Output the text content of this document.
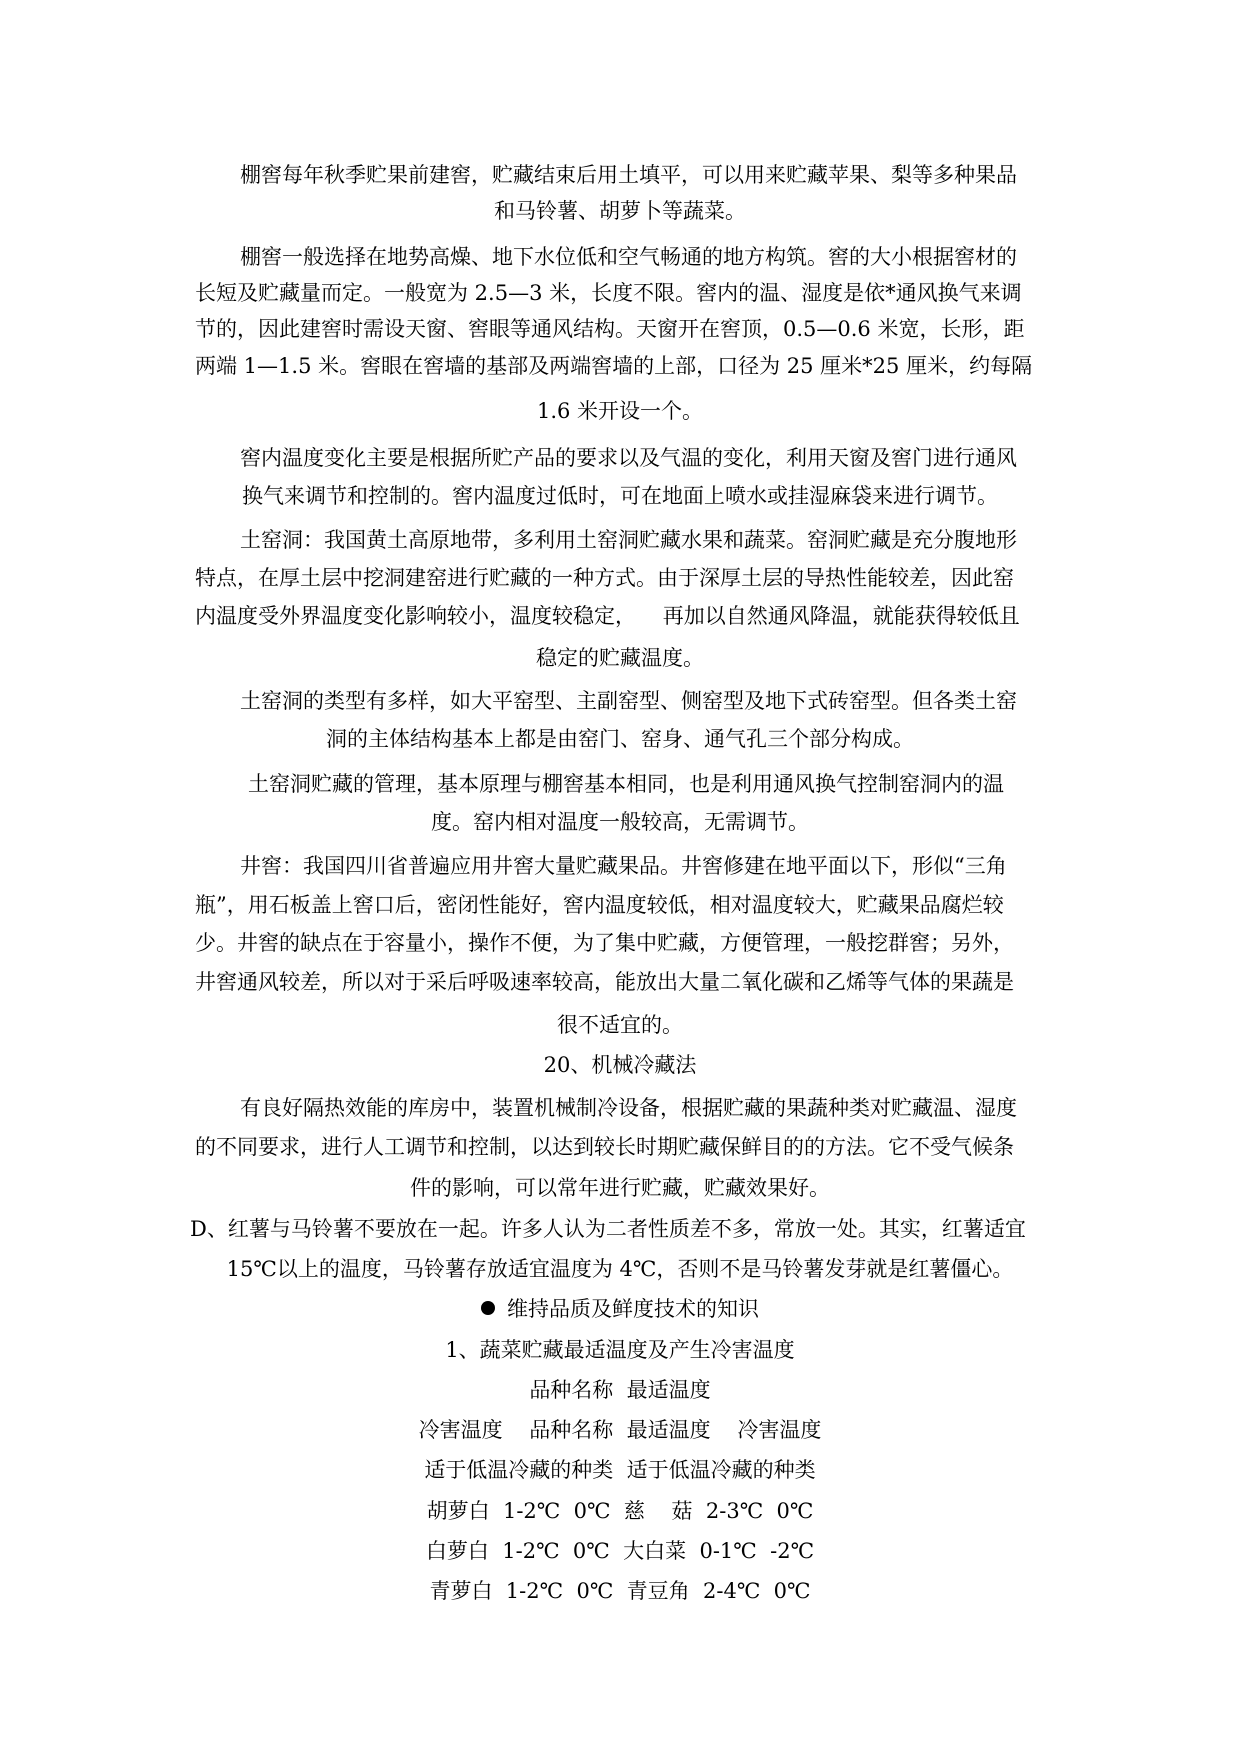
棚窖每年秋季贮果前建窖，贮藏结束后用土填平，可以用来贮藏苹果、梨等多种果品
和马铃薯、胡萝卜等蔬菜。
棚窖一般选择在地势高燥、地下水位低和空气畅通的地方构筑。窖的大小根据窖材的
长短及贮藏量而定。一般宽为 2.5—3 米，长度不限。窖内的温、湿度是依*通风换气来调
节的，因此建窖时需设天窗、窖眼等通风结构。天窗开在窖顶，0.5—0.6 米宽，长形，距
两端 1—1.5 米。窖眼在窖墙的基部及两端窖墙的上部，口径为 25 厘米*25 厘米，约每隔
1.6 米开设一个。
窖内温度变化主要是根据所贮产品的要求以及气温的变化，利用天窗及窖门进行通风
换气来调节和控制的。窖内温度过低时，可在地面上喷水或挂湿麻袋来进行调节。
土窑洞：我国黄土高原地带，多利用土窑洞贮藏水果和蔬菜。窑洞贮藏是充分腹地形
特点，在厚土层中挖洞建窑进行贮藏的一种方式。由于深厚土层的导热性能较差，因此窑
内温度受外界温度变化影响较小，温度较稳定，    再加以自然通风降温，就能获得较低且
稳定的贮藏温度。
土窑洞的类型有多样，如大平窑型、主副窑型、侧窑型及地下式砖窑型。但各类土窑
洞的主体结构基本上都是由窑门、窑身、通气孔三个部分构成。
土窑洞贮藏的管理，基本原理与棚窖基本相同，也是利用通风换气控制窑洞内的温
度。窑内相对温度一般较高，无需调节。
井窖：我国四川省普遍应用井窖大量贮藏果品。井窖修建在地平面以下，形似“三角
瓶”，用石板盖上窖口后，密闭性能好，窖内温度较低，相对温度较大，贮藏果品腐烂较
少。井窖的缺点在于容量小，操作不便，为了集中贮藏，方便管理，一般挖群窖；另外，
井窖通风较差，所以对于采后呼吸速率较高，能放出大量二氧化碳和乙烯等气体的果蔬是
很不适宜的。
20、机械冷藏法
有良好隔热效能的库房中，装置机械制冷设备，根据贮藏的果蔬种类对贮藏温、湿度
的不同要求，进行人工调节和控制，以达到较长时期贮藏保鲜目的的方法。它不受气候条
件的影响，可以常年进行贮藏，贮藏效果好。
D、红薯与马铃薯不要放在一起。许多人认为二者性质差不多，常放一处。其实，红薯适宜
15℃以上的温度，马铃薯存放适宜温度为 4℃，否则不是马铃薯发芽就是红薯僵心。
维持品质及鲜度技术的知识
1、蔬菜贮藏最适温度及产生冷害温度
品种名称  最适温度
冷害温度    品种名称  最适温度    冷害温度
适于低温冷藏的种类  适于低温冷藏的种类
胡萝白  1-2℃  0℃  慈    菇  2-3℃  0℃
白萝白  1-2℃  0℃  大白菜  0-1℃  -2℃
青萝白  1-2℃  0℃  青豆角  2-4℃  0℃
